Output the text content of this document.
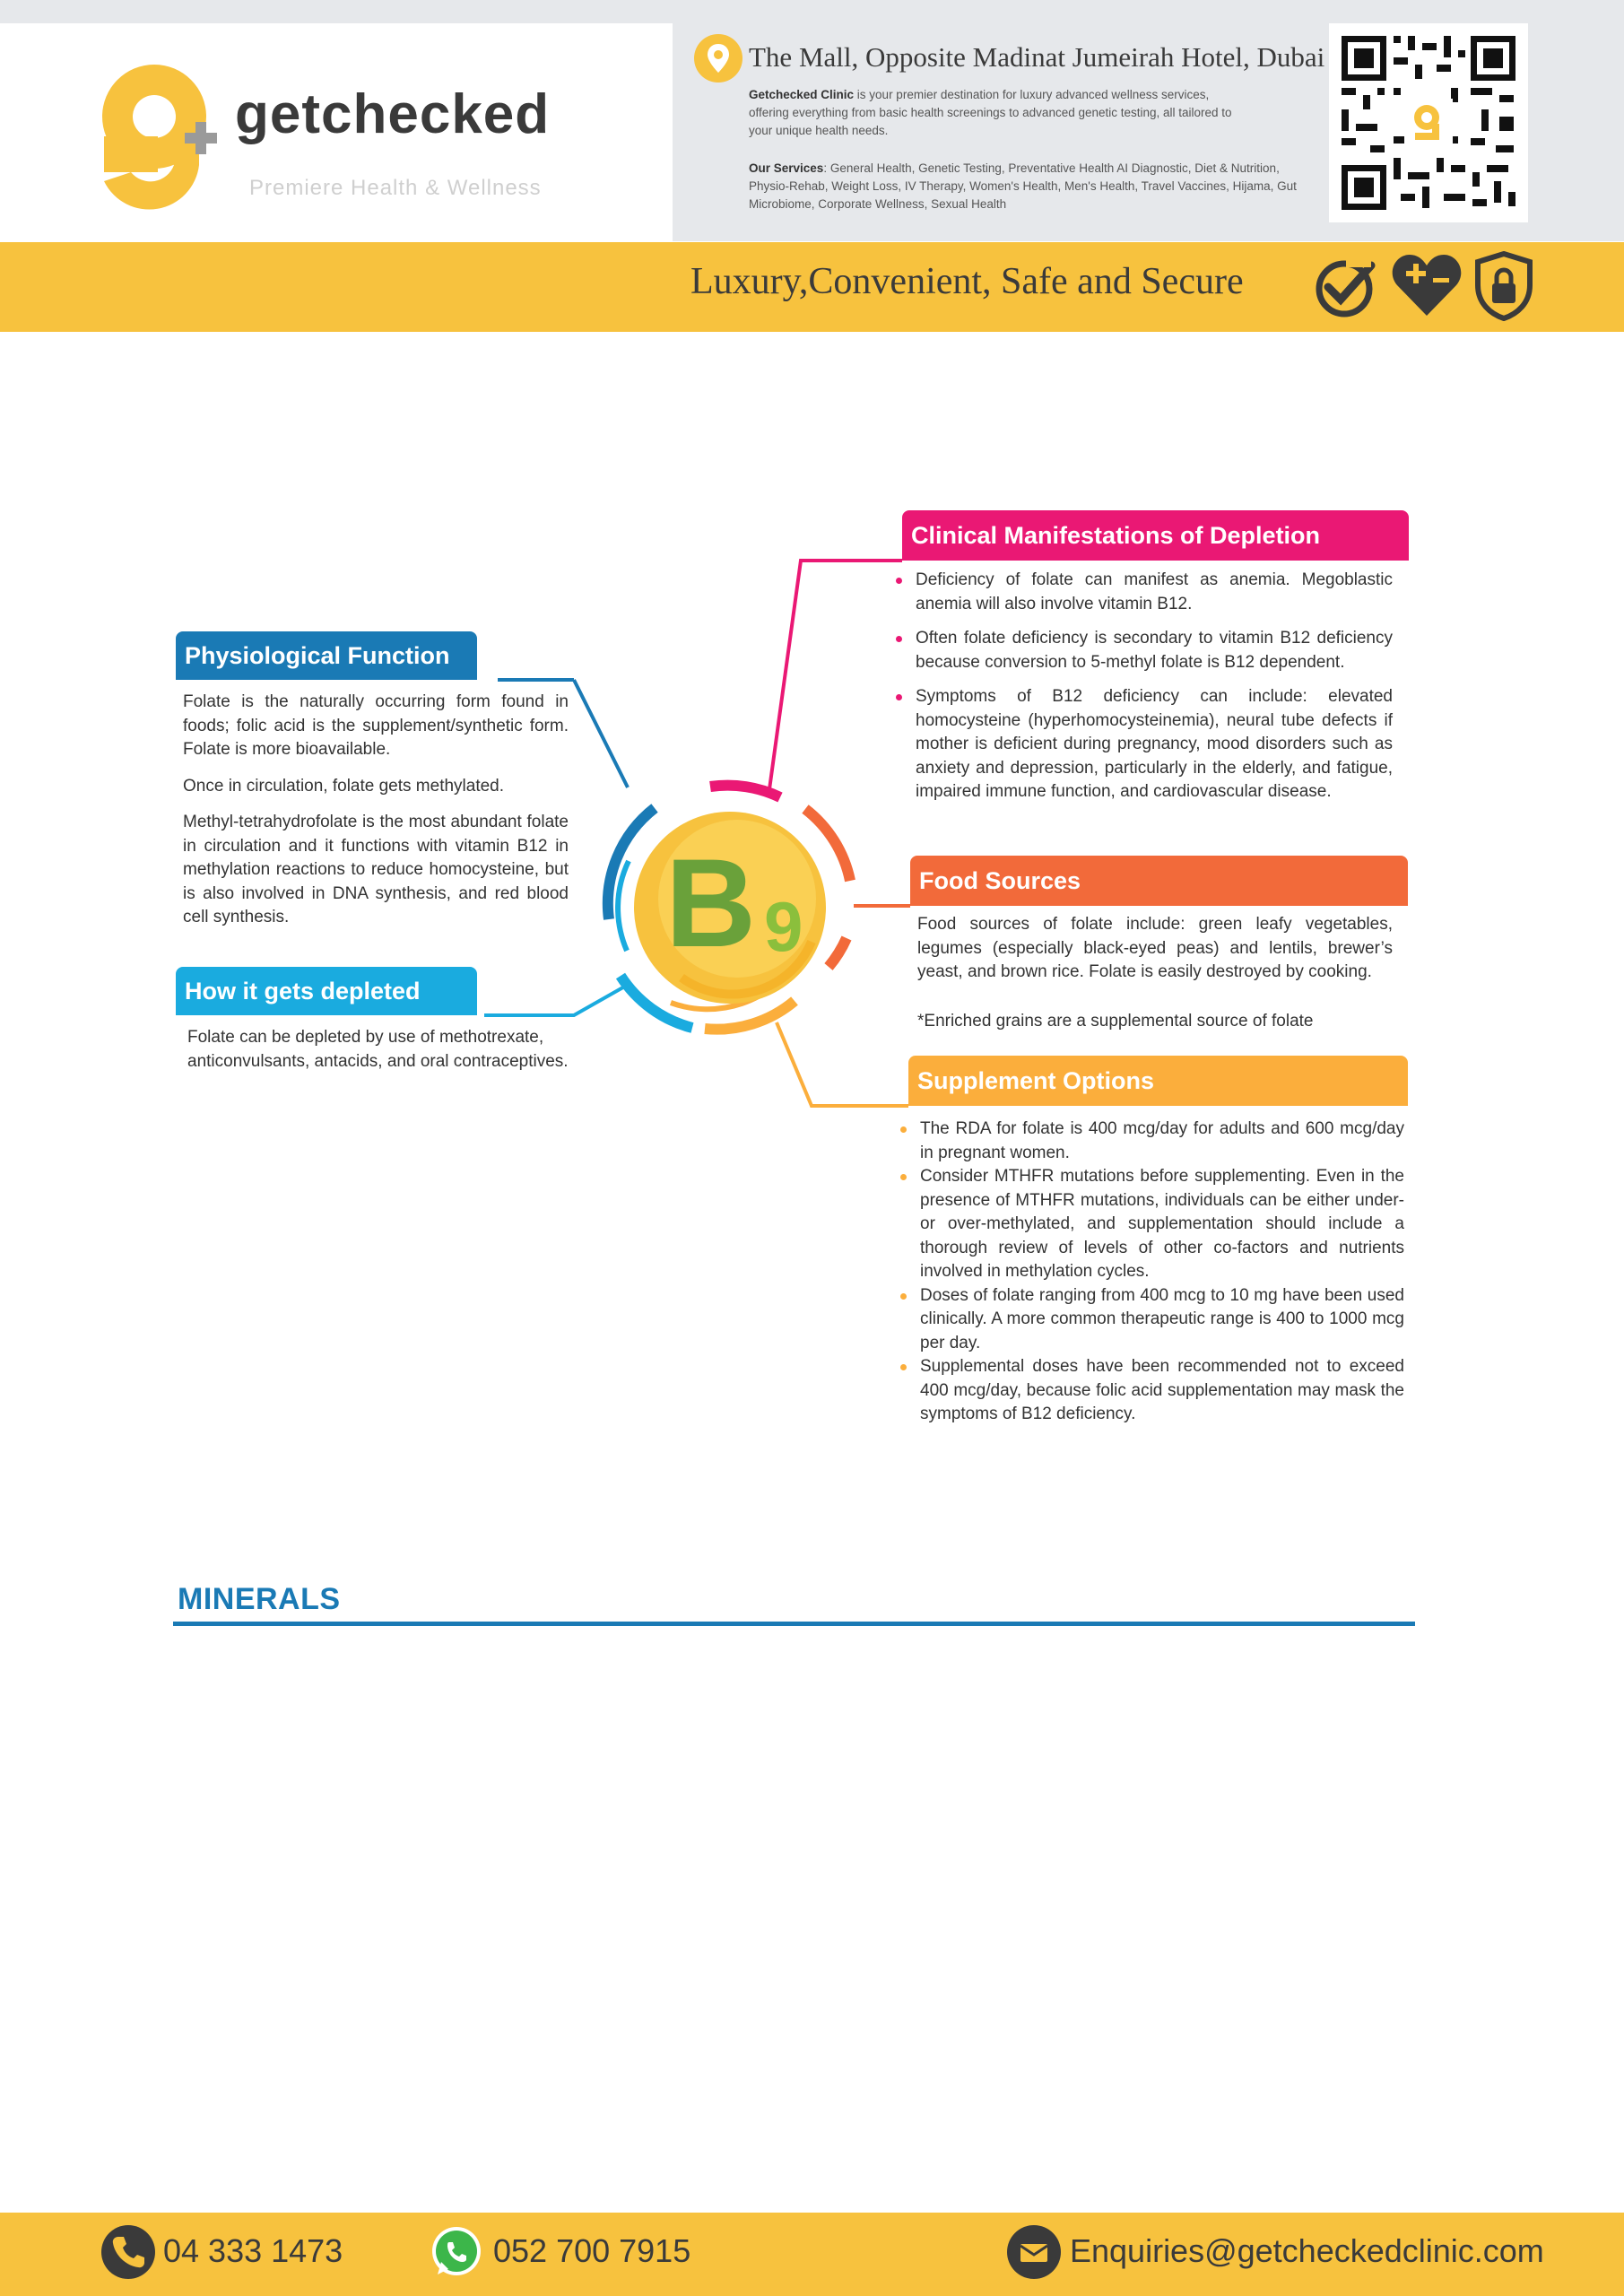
getchecked
Premiere Health & Wellness
The Mall, Opposite Madinat Jumeirah Hotel, Dubai
Getchecked Clinic is your premier destination for luxury advanced wellness services, offering everything from basic health screenings to advanced genetic testing, all tailored to your unique health needs.
Our Services: General Health, Genetic Testing, Preventative Health AI Diagnostic, Diet & Nutrition, Physio-Rehab, Weight Loss, IV Therapy, Women's Health, Men's Health, Travel Vaccines, Hijama, Gut Microbiome, Corporate Wellness, Sexual Health
Luxury,Convenient, Safe and Secure
B 9
Physiological Function

Folate is the naturally occurring form found in foods; folic acid is the supplement/synthetic form. Folate is more bioavailable.

Once in circulation, folate gets methylated.

Methyl-tetrahydrofolate is the most abundant folate in circulation and it functions with vitamin B12 in methylation reactions to reduce homocysteine, but is also involved in DNA synthesis, and red blood cell synthesis.

How it gets depleted
Folate can be depleted by use of methotrexate, anticonvulsants, antacids, and oral contraceptives.
Clinical Manifestations of Depletion
Deficiency of folate can manifest as anemia. Megoblastic anemia will also involve vitamin B12.
Often folate deficiency is secondary to vitamin B12 deficiency because conversion to 5-methyl folate is B12 dependent.
Symptoms of B12 deficiency can include: elevated homocysteine (hyperhomocysteinemia), neural tube defects if mother is deficient during pregnancy, mood disorders such as anxiety and depression, particularly in the elderly, and fatigue, impaired immune function, and cardiovascular disease.
Food Sources

Food sources of folate include: green leafy vegetables, legumes (especially black-eyed peas) and lentils, brewer’s yeast, and brown rice. Folate is easily destroyed by cooking.

*Enriched grains are a supplemental source of folate

Supplement Options
The RDA for folate is 400 mcg/day for adults and 600 mcg/day in pregnant women.
Consider MTHFR mutations before supplementing. Even in the presence of MTHFR mutations, individuals can be either under- or over-methylated, and supplementation should include a thorough review of levels of other co-factors and nutrients involved in methylation cycles.
Doses of folate ranging from 400 mcg to 10 mg have been used clinically. A more common therapeutic range is 400 to 1000 mcg per day.
Supplemental doses have been recommended not to exceed 400 mcg/day, because folic acid supplementation may mask the symptoms of B12 deficiency.
MINERALS
04 333 1473	052 700 7915	Enquiries@getcheckedclinic.com
